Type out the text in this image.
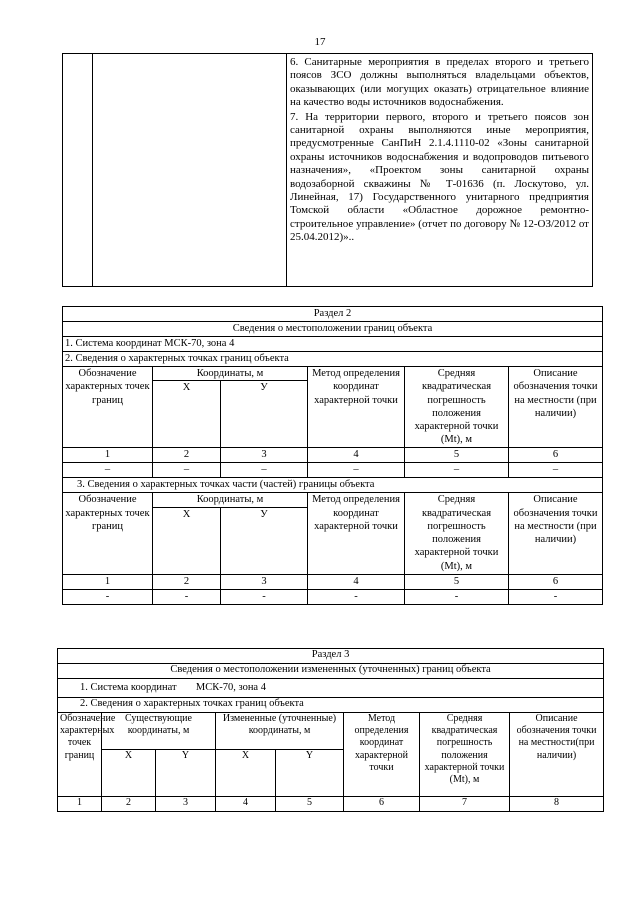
17

6. Санитарные мероприятия в пределах второго и третьего поясов ЗСО должны выполняться владельцами объектов, оказывающих (или могущих оказать) отрицательное влияние на качество воды источников водоснабжения.

7. На территории первого, второго и третьего поясов зон санитарной охраны выполняются иные мероприятия, предусмотренные СанПиН 2.1.4.1110-02 «Зоны санитарной охраны источников водоснабжения и водопроводов питьевого назначения», «Проектом зоны санитарной охраны водозаборной скважины № Т-01636 (п. Лоскутово, ул. Линейная, 17) Государственного унитарного предприятия Томской области «Областное дорожное ремонтно-строительное управление» (отчет по договору № 12-ОЗ/2012 от 25.04.2012)»..

Раздел 2					
Сведения о местоположении границ объекта					
1. Система координат МСК-70, зона 4					
2. Сведения о характерных точках границ объекта					
Обозначение характерных точек границ	Координаты, м		Метод определения координат характерной точки	Средняя квадратическая погрешность положения характерной точки (Mt), м	Описание обозначения точки на местности (при наличии)
	Х	У			
1	2	3	4	5	6
–	–	–	–	–	–
3. Сведения о характерных точках части (частей) границы объекта					
Обозначение характерных точек границ	Координаты, м		Метод определения координат характерной точки	Средняя квадратическая погрешность положения характерной точки (Mt), м	Описание обозначения точки на местности (при наличии)
	Х	У			
1	2	3	4	5	6
-	-	-	-	-	-
Раздел 3							
Сведения о местоположении измененных (уточненных) границ объекта							
1. Система координат МСК-70, зона 4							
2. Сведения о характерных точках границ объекта							
Обозначение характерных точек границ	Существующие координаты, м		Измененные (уточненные) координаты, м		Метод определения координат характерной точки	Средняя квадратическая погрешность положения характерной точки (Mt), м	Описание обозначения точки на местности(при наличии)
	X	Y	X	Y			
1	2	3	4	5	6	7	8
